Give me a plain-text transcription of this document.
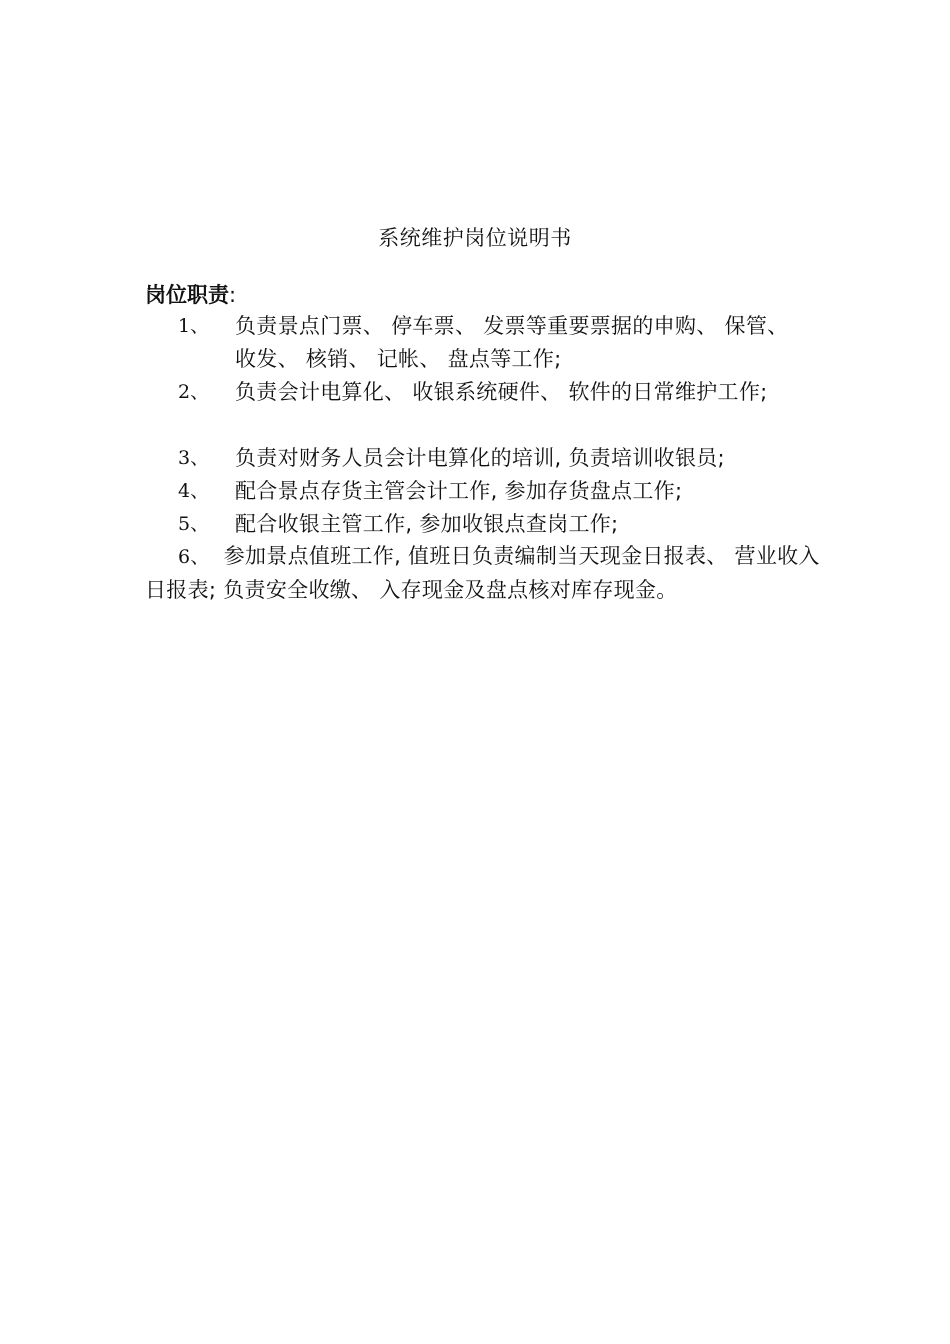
系统维护岗位说明书
岗位职责:
1、 负责景点门票、 停车票、 发票等重要票据的申购、 保管、 收发、 核销、 记帐、 盘点等工作;
2、 负责会计电算化、 收银系统硬件、 软件的日常维护工作;
3、 负责对财务人员会计电算化的培训, 负责培训收银员;
4、 配合景点存货主管会计工作, 参加存货盘点工作;
5、 配合收银主管工作, 参加收银点查岗工作;
6、 参加景点值班工作, 值班日负责编制当天现金日报表、 营业收入日报表; 负责安全收缴、 入存现金及盘点核对库存现金。
